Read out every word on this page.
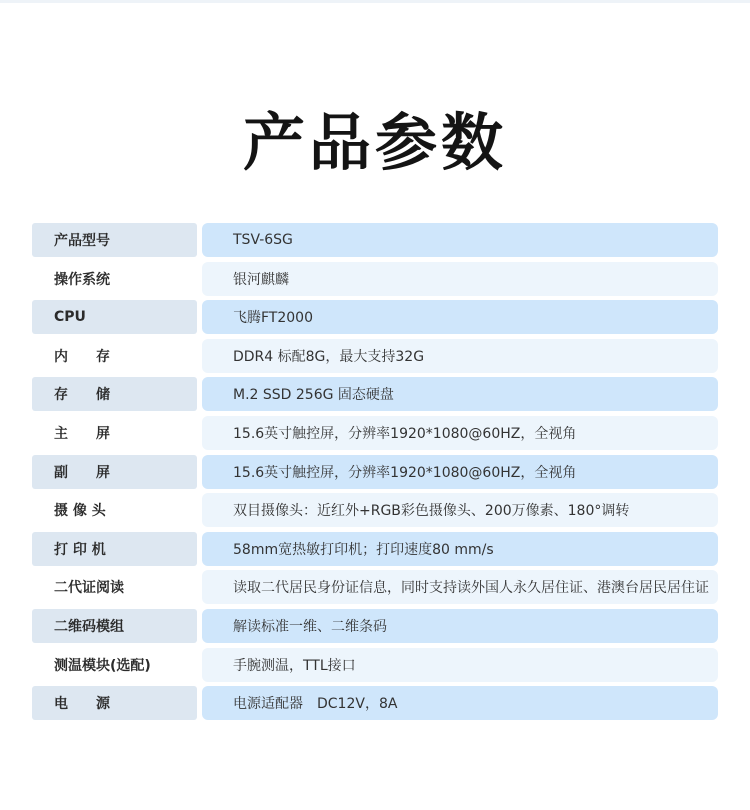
产品参数
产品型号	TSV-6SG
操作系统	银河麒麟
CPU	飞腾FT2000
内　　存	DDR4 标配8G，最大支持32G
存　　储	M.2 SSD 256G 固态硬盘
主　　屏	15.6英寸触控屏，分辨率1920*1080@60HZ，全视角
副　　屏	15.6英寸触控屏，分辨率1920*1080@60HZ，全视角
摄 像 头	双目摄像头：近红外+RGB彩色摄像头、200万像素、180°调转
打 印 机	58mm宽热敏打印机；打印速度80 mm/s
二代证阅读	读取二代居民身份证信息，同时支持读外国人永久居住证、港澳台居民居住证
二维码模组	解读标准一维、二维条码
测温模块(选配)	手腕测温，TTL接口
电　　源	电源适配器　DC12V，8A
